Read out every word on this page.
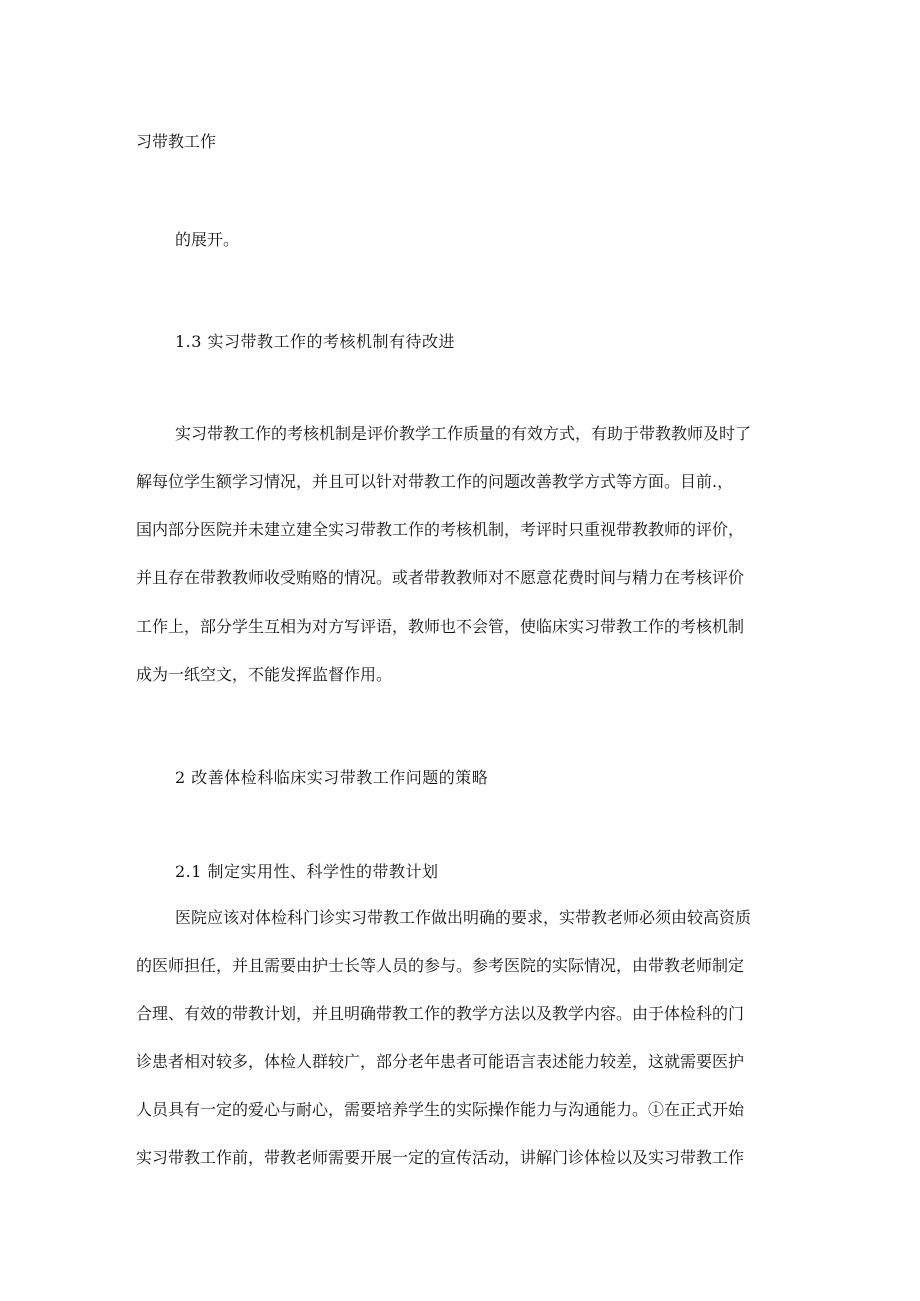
习带教工作
的展开。
1.3 实习带教工作的考核机制有待改进
实习带教工作的考核机制是评价教学工作质量的有效方式，有助于带教教师及时了
解每位学生额学习情况，并且可以针对带教工作的问题改善教学方式等方面。目前.，
国内部分医院并未建立建全实习带教工作的考核机制，考评时只重视带教教师的评价，
并且存在带教教师收受贿赂的情况。或者带教教师对不愿意花费时间与精力在考核评价
工作上，部分学生互相为对方写评语，教师也不会管，使临床实习带教工作的考核机制
成为一纸空文，不能发挥监督作用。
2 改善体检科临床实习带教工作问题的策略
2.1 制定实用性、科学性的带教计划
医院应该对体检科门诊实习带教工作做出明确的要求，实带教老师必须由较高资质
的医师担任，并且需要由护士长等人员的参与。参考医院的实际情况，由带教老师制定
合理、有效的带教计划，并且明确带教工作的教学方法以及教学内容。由于体检科的门
诊患者相对较多，体检人群较广，部分老年患者可能语言表述能力较差，这就需要医护
人员具有一定的爱心与耐心，需要培养学生的实际操作能力与沟通能力。①在正式开始
实习带教工作前，带教老师需要开展一定的宣传活动，讲解门诊体检以及实习带教工作
